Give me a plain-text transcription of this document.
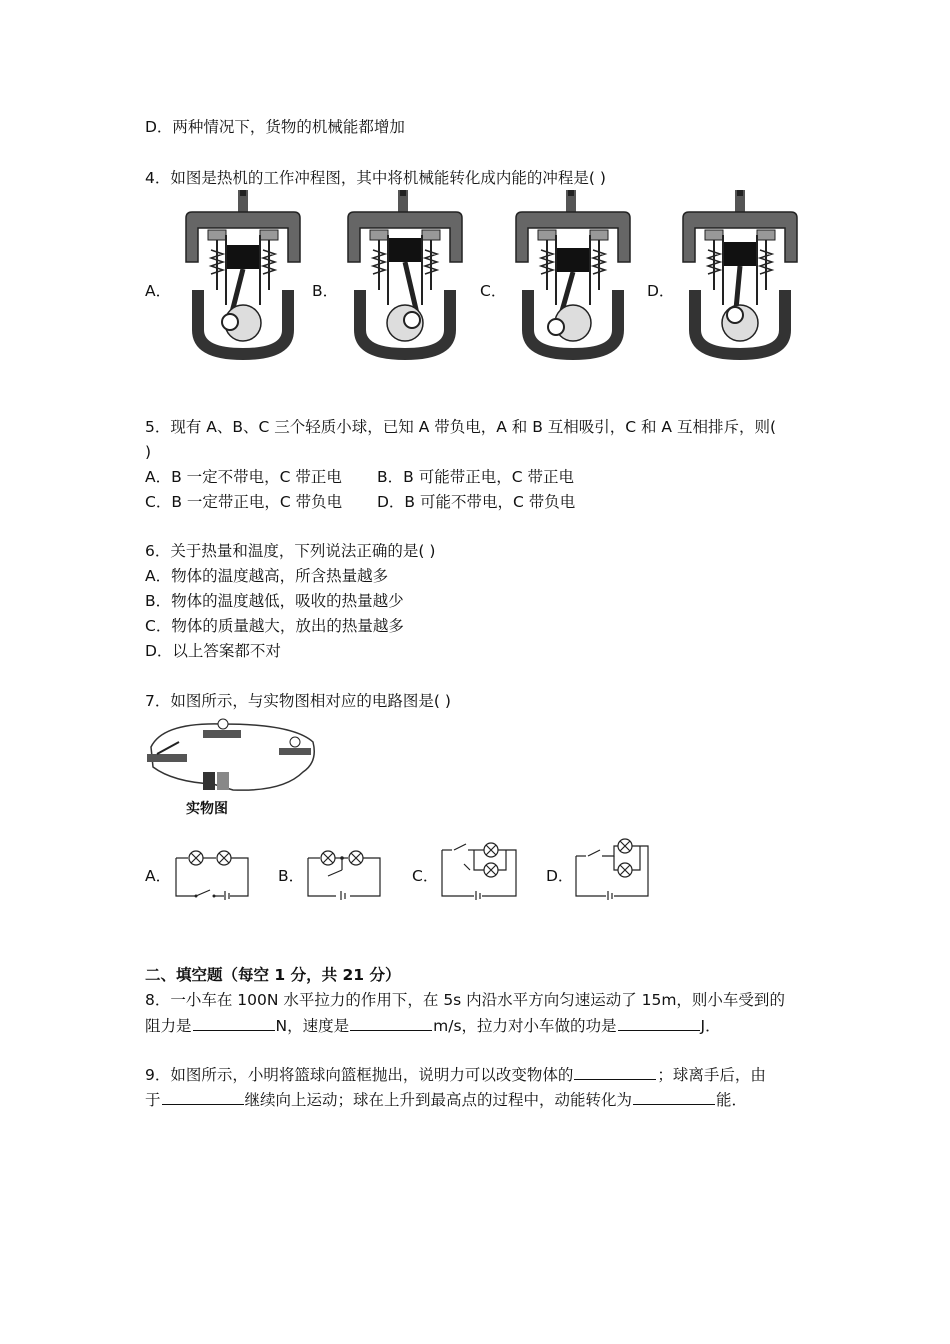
D．两种情况下，货物的机械能都增加
4．如图是热机的工作冲程图，其中将机械能转化成内能的冲程是( )
A．	B．	C．	D．
5．现有 A、B、C 三个轻质小球，已知 A 带负电，A 和 B 互相吸引，C 和 A 互相排斥，则(
)
A．B 一定不带电，C 带正电 B．B 可能带正电，C 带正电
C．B 一定带正电，C 带负电 D．B 可能不带电，C 带负电
6．关于热量和温度，下列说法正确的是( )
A．物体的温度越高，所含热量越多
B．物体的温度越低，吸收的热量越少
C．物体的质量越大，放出的热量越多
D．以上答案都不对
7．如图所示，与实物图相对应的电路图是( )
实物图
A．	B．	C．	D．
二、填空题（每空 1 分，共 21 分）
8．一小车在 100N 水平拉力的作用下，在 5s 内沿水平方向匀速运动了 15m，则小车受到的
阻力是	N，速度是	m/s，拉力对小车做的功是	J．
9．如图所示，小明将篮球向篮框抛出，说明力可以改变物体的	；球离手后，由
于	继续向上运动；球在上升到最高点的过程中，动能转化为	能．
